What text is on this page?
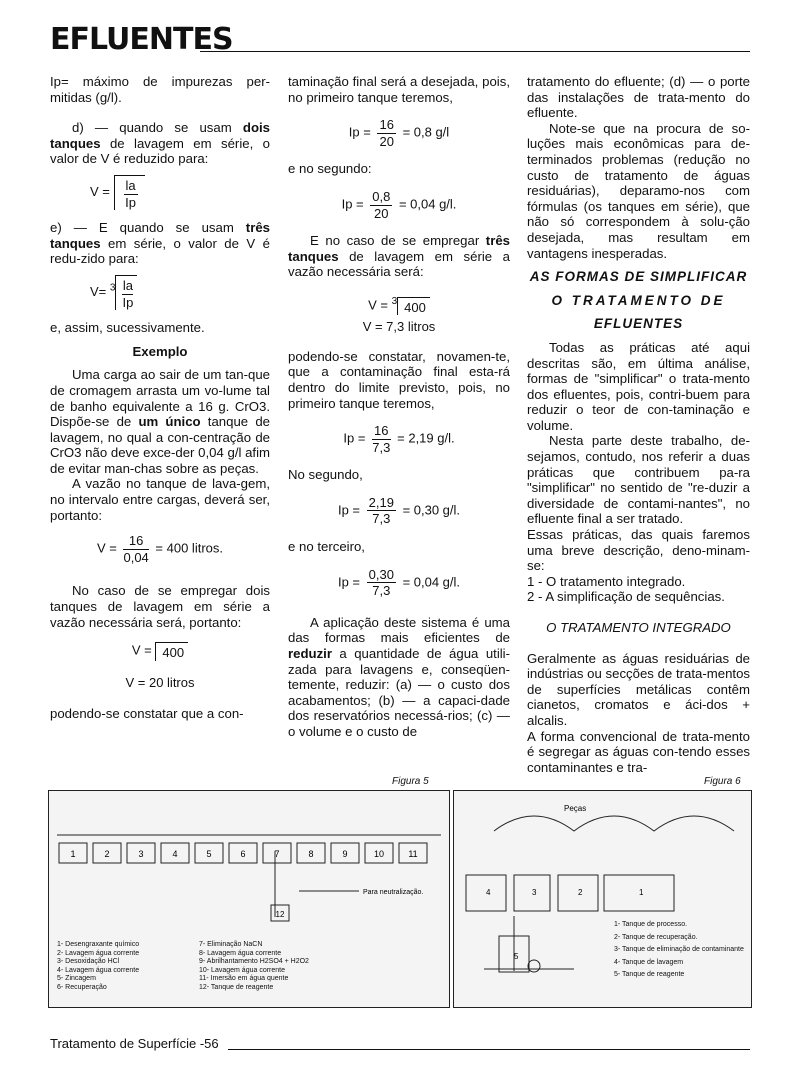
EFLUENTES

Ip= máximo de impurezas per-mitidas (g/l).

d) — quando se usam dois tanques de lavagem em série, o valor de V é reduzido para:

$V = \frac{la}{Ip}$

e) — E quando se usam três tanques em série, o valor de V é redu-zido para:

$V= ^3 \frac{la}{Ip}$

e, assim, sucessivamente.

Exemplo

Uma carga ao sair de um tan-que de cromagem arrasta um vo-lume tal de banho equivalente a 16 g. CrO3. Dispõe-se de um único tanque de lavagem, no qual a con-centração de CrO3 não deve exce-der 0,04 g/l afim de evitar man-chas sobre as peças.

A vazão no tanque de lava-gem, no intervalo entre cargas, deverá ser, portanto:

$V = \frac{16}{0,04} = 400$ litros.

No caso de se empregar dois tanques de lavagem em série a vazão necessária será, portanto:

V = 400
V = 20 litros

podendo-se constatar que a con-

taminação final será a desejada, pois, no primeiro tanque teremos,

$Ip = \frac{16}{20} = 0,8$ g/l

e no segundo:

$Ip = \frac{0,8}{20} = 0,04$ g/l.

E no caso de se empregar três tanques de lavagem em série a vazão necessária será:

V = $^3$ 400
V = 7,3 litros

podendo-se constatar, novamen-te, que a contaminação final esta-rá dentro do limite previsto, pois, no primeiro tanque teremos,

$Ip = \frac{16}{7,3} = 2,19$ g/l.

No segundo,

$Ip = \frac{2,19}{7,3} = 0,30$ g/l.

e no terceiro,

$Ip = \frac{0,30}{7,3} = 0,04$ g/l.

A aplicação deste sistema é uma das formas mais eficientes de reduzir a quantidade de água utili-zada para lavagens e, conseqüen-temente, reduzir: (a) — o custo dos acabamentos; (b) — a capaci-dade dos reservatórios necessá-rios; (c) — o volume e o custo de

tratamento do efluente; (d) — o porte das instalações de trata-mento do efluente.

Note-se que na procura de so-luções mais econômicas para de-terminados problemas (redução no custo de tratamento de águas residuárias), deparamo-nos com fórmulas (os tanques em série), que não só correspondem à solu-ção desejada, mas resultam em vantagens inesperadas.

AS FORMAS DE SIMPLIFICAR

O TRATAMENTO DE

EFLUENTES

Todas as práticas até aqui descritas são, em última análise, formas de "simplificar" o trata-mento dos efluentes, pois, contri-buem para reduzir o teor de con-taminação e volume.

Nesta parte deste trabalho, de-sejamos, contudo, nos referir a duas práticas que contribuem pa-ra "simplificar" no sentido de "re-duzir a diversidade de contami-nantes", no efluente final a ser tratado.

Essas práticas, das quais faremos uma breve descrição, deno-minam-se:

1 - O tratamento integrado.

2 - A simplificação de sequências.

O TRATAMENTO INTEGRADO

Geralmente as águas residuárias de indústrias ou secções de trata-mentos de superfícies metálicas contêm cianetos, cromatos e áci-dos + alcalis.

A forma convencional de trata-mento é segregar as águas con-tendo esses contaminantes e tra-

Figura 5	Figura 6
1	2	3	4	5	6	7	8	9	10	11
12
Para neutralização.
1- Desengraxante químico
2- Lavagem água corrente
3- Desoxidação HCl
4- Lavagem água corrente
5- Zincagem
6- Recuperação
7- Eliminação NaCN
8- Lavagem água corrente
9- Abrilhantamento H2SO4 + H2O2
10- Lavagem água corrente
11- Imersão em água quente
12- Tanque de reagente
Peças
1
2
3
4
5
1- Tanque de processo.
2- Tanque de recuperação.
3- Tanque de eliminação de contaminante
4- Tanque de lavagem
5- Tanque de reagente
Tratamento de Superfície -56
